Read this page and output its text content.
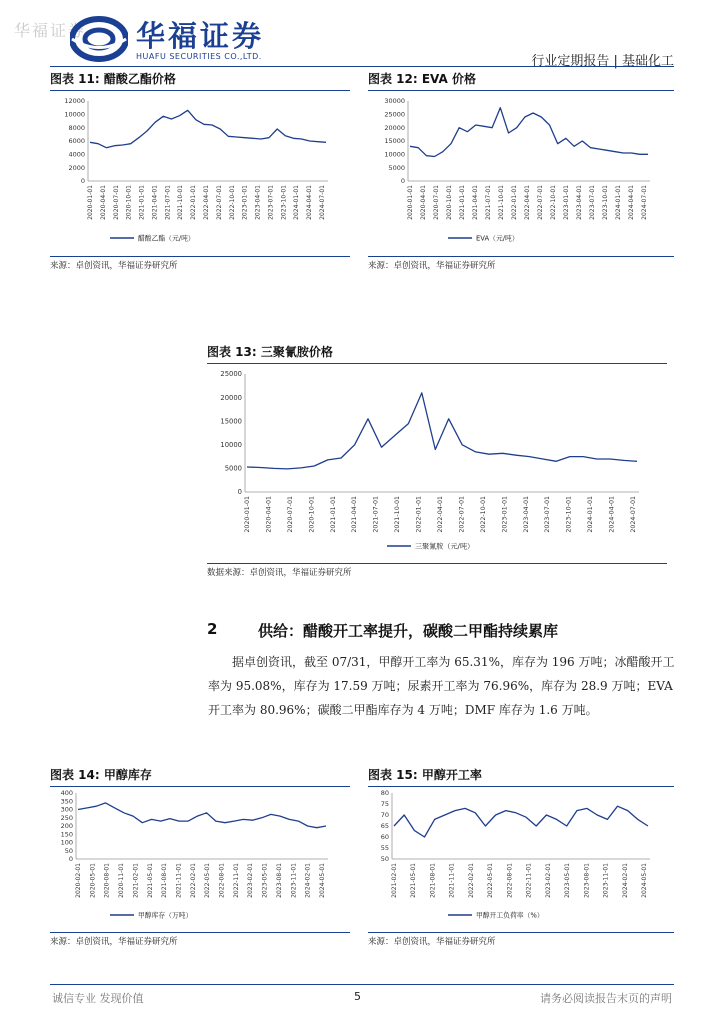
华福证券 华福证券
HUAFU SECURITIES CO.,LTD.	行业定期报告 | 基础化工
图表 11: 醋酸乙酯价格
12000
10000
8000
6000
4000
2000
0
2020-01-01 2020-04-01 2020-07-01 2020-10-01 2021-01-01 2021-04-01 2021-07-01 2021-10-01 2022-01-01 2022-04-01 2022-07-01 2022-10-01 2023-01-01 2023-04-01 2023-07-01 2023-10-01 2024-01-01 2024-04-01 2024-07-01
醋酸乙酯（元/吨）
来源：卓创资讯，华福证券研究所
图表 12: EVA 价格
30000
25000
20000
15000
10000
5000
0
2020-01-01 2020-04-01 2020-07-01 2020-10-01 2021-01-01 2021-04-01 2021-07-01 2021-10-01 2022-01-01 2022-04-01 2022-07-01 2022-10-01 2023-01-01 2023-04-01 2023-07-01 2023-10-01 2024-01-01 2024-04-01 2024-07-01
EVA（元/吨）
来源：卓创资讯，华福证券研究所
图表 13: 三聚氰胺价格
25000
20000
15000
10000
5000
0
2020-01-01 2020-04-01 2020-07-01 2020-10-01 2021-01-01 2021-04-01 2021-07-01 2021-10-01 2022-01-01 2022-04-01 2022-07-01 2022-10-01 2023-01-01 2023-04-01 2023-07-01 2023-10-01 2024-01-01 2024-04-01 2024-07-01
三聚氰胺（元/吨）
数据来源：卓创资讯，华福证券研究所
2	供给：醋酸开工率提升，碳酸二甲酯持续累库
据卓创资讯，截至 07/31，甲醇开工率为 65.31%，库存为 196 万吨；冰醋酸开工率为 95.08%，库存为 17.59 万吨；尿素开工率为 76.96%，库存为 28.9 万吨；EVA 开工率为 80.96%；碳酸二甲酯库存为 4 万吨；DMF 库存为 1.6 万吨。
图表 14: 甲醇库存
400
350
300
250
200
150
100
50
0
2020-02-01 2020-05-01 2020-08-01 2020-11-01 2021-02-01 2021-05-01 2021-08-01 2021-11-01 2022-02-01 2022-05-01 2022-08-01 2022-11-01 2023-02-01 2023-05-01 2023-08-01 2023-11-01 2024-02-01 2024-05-01
甲醇库存（万吨）
来源：卓创资讯，华福证券研究所
图表 15: 甲醇开工率
80
75
70
65
60
55
50
2021-02-01 2021-05-01 2021-08-01 2021-11-01 2022-02-01 2022-05-01 2022-08-01 2022-11-01 2023-02-01 2023-05-01 2023-08-01 2023-11-01 2024-02-01 2024-05-01
甲醇开工负荷率（%）
来源：卓创资讯，华福证券研究所
诚信专业 发现价值	5	请务必阅读报告末页的声明
